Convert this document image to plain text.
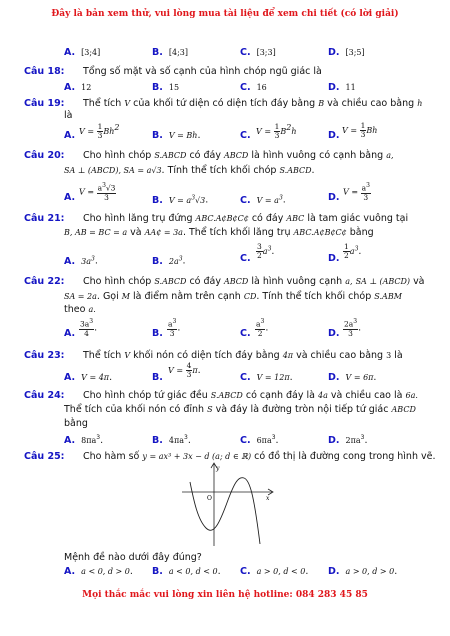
Đây là bản xem thử, vui lòng mua tài liệu để xem chi tiết (có lời giải)
A. [3;4]	B. [4;3]	C. [3;3]	D. [3;5]
Câu 18: Tổng số mặt và số cạnh của hình chóp ngũ giác là
A. 12	B. 15	C. 16	D. 11
Câu 19: Thể tích V của khối tứ diện có diện tích đáy bằng B và chiều cao bằng h
là
A. $V = \frac{1}{3} Bh^2$
B. V = Bh.	C. $V = \frac{1}{3} B^2h$	D. $V = \frac{1}{3}$ Bh
Câu 20: Cho hình chóp S.ABCD có đáy ABCD là hình vuông có cạnh bằng a,
SA ⊥ (ABCD), SA = a√3. Tính thể tích khối chóp S.ABCD.
A.
$V = \frac{a^3√3}{3}$	B. $V = a^3√3$.	C. $V = a^3$.	D.
$V = \frac{a^3}{3}$
Câu 21: Cho hình lăng trụ đứng ABC.A¢B¢C¢ có đáy ABC là tam giác vuông tại
B, AB = BC = a và AA¢ = 3a. Thể tích khối lăng trụ ABC.A¢B¢C¢ bằng
A. $3a^3$.	B. $2a^3$.	C. $\frac{3}{2} a^3$.
D. $\frac{1}{2} a^3$.
Câu 22: Cho hình chóp S.ABCD có đáy ABCD là hình vuông cạnh a, SA ⊥ (ABCD) và
SA = 2a. Gọi M là điểm nằm trên cạnh CD. Tính thể tích khối chóp S.ABM
theo a.
A. $\frac{3a^3}{4}$ .
B. $\frac{a^3}{3}$ .
C. $\frac{a^3}{2}$ .
D. $\frac{2a^3}{3}$ .
Câu 23: Thể tích V khối nón có diện tích đáy bằng 4π và chiều cao bằng 3 là
A. V = 4π.	B.
$V = \frac{4}{3} \pi$.
C. V = 12π.	D. V = 6π.
Câu 24: Cho hình chóp tứ giác đều S.ABCD có cạnh đáy là 4a và chiều cao là 6a.
Thể tích của khối nón có đỉnh S và đáy là đường tròn nội tiếp tứ giác ABCD
bằng
A. $8\pi a^3$.	B. $4\pi a^3$.	C. $6\pi a^3$.	D. $2\pi a^3$.
Câu 25: Cho hàm số y = ax³ + 3x − d (a; d ∈ ℝ) có đồ thị là đường cong trong hình vẽ.
y
x
O
Mệnh đề nào dưới đây đúng?
A. a < 0, d > 0. B. a < 0, d < 0. C. a > 0, d < 0. D. a > 0, d > 0.
Mọi thắc mắc vui lòng xin liên hệ hotline: 084 283 45 85
